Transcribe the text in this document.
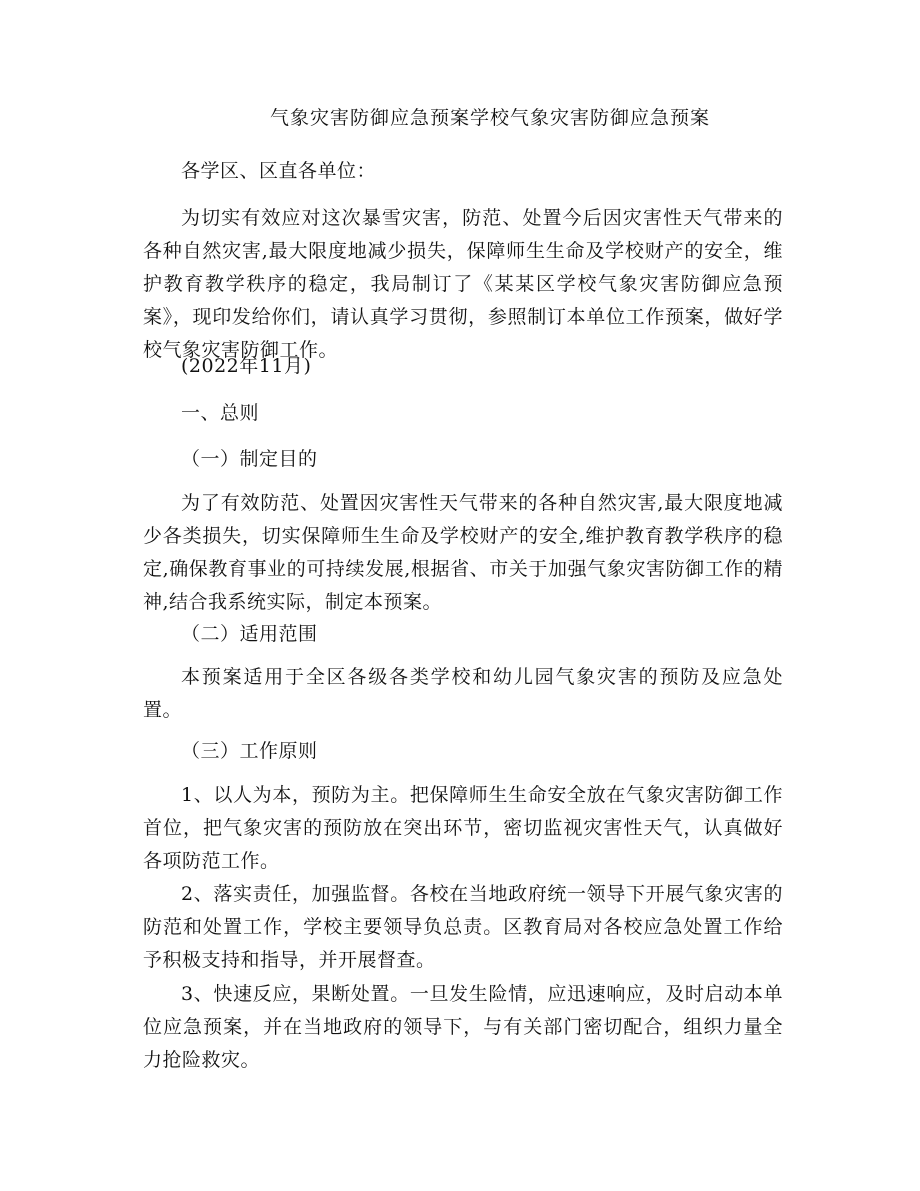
气象灾害防御应急预案学校气象灾害防御应急预案

各学区、区直各单位：

为切实有效应对这次暴雪灾害，防范、处置今后因灾害性天气带来的各种自然灾害,最大限度地减少损失，保障师生生命及学校财产的安全，维护教育教学秩序的稳定，我局制订了《某某区学校气象灾害防御应急预案》，现印发给你们，请认真学习贯彻，参照制订本单位工作预案，做好学校气象灾害防御工作。

(2022年11月)

一、总则

（一）制定目的

为了有效防范、处置因灾害性天气带来的各种自然灾害,最大限度地减少各类损失，切实保障师生生命及学校财产的安全,维护教育教学秩序的稳定,确保教育事业的可持续发展,根据省、市关于加强气象灾害防御工作的精神,结合我系统实际，制定本预案。

（二）适用范围

本预案适用于全区各级各类学校和幼儿园气象灾害的预防及应急处置。

（三）工作原则

1、以人为本，预防为主。把保障师生生命安全放在气象灾害防御工作首位，把气象灾害的预防放在突出环节，密切监视灾害性天气，认真做好各项防范工作。

2、落实责任，加强监督。各校在当地政府统一领导下开展气象灾害的防范和处置工作，学校主要领导负总责。区教育局对各校应急处置工作给予积极支持和指导，并开展督查。

3、快速反应，果断处置。一旦发生险情，应迅速响应，及时启动本单位应急预案，并在当地政府的领导下，与有关部门密切配合，组织力量全力抢险救灾。
